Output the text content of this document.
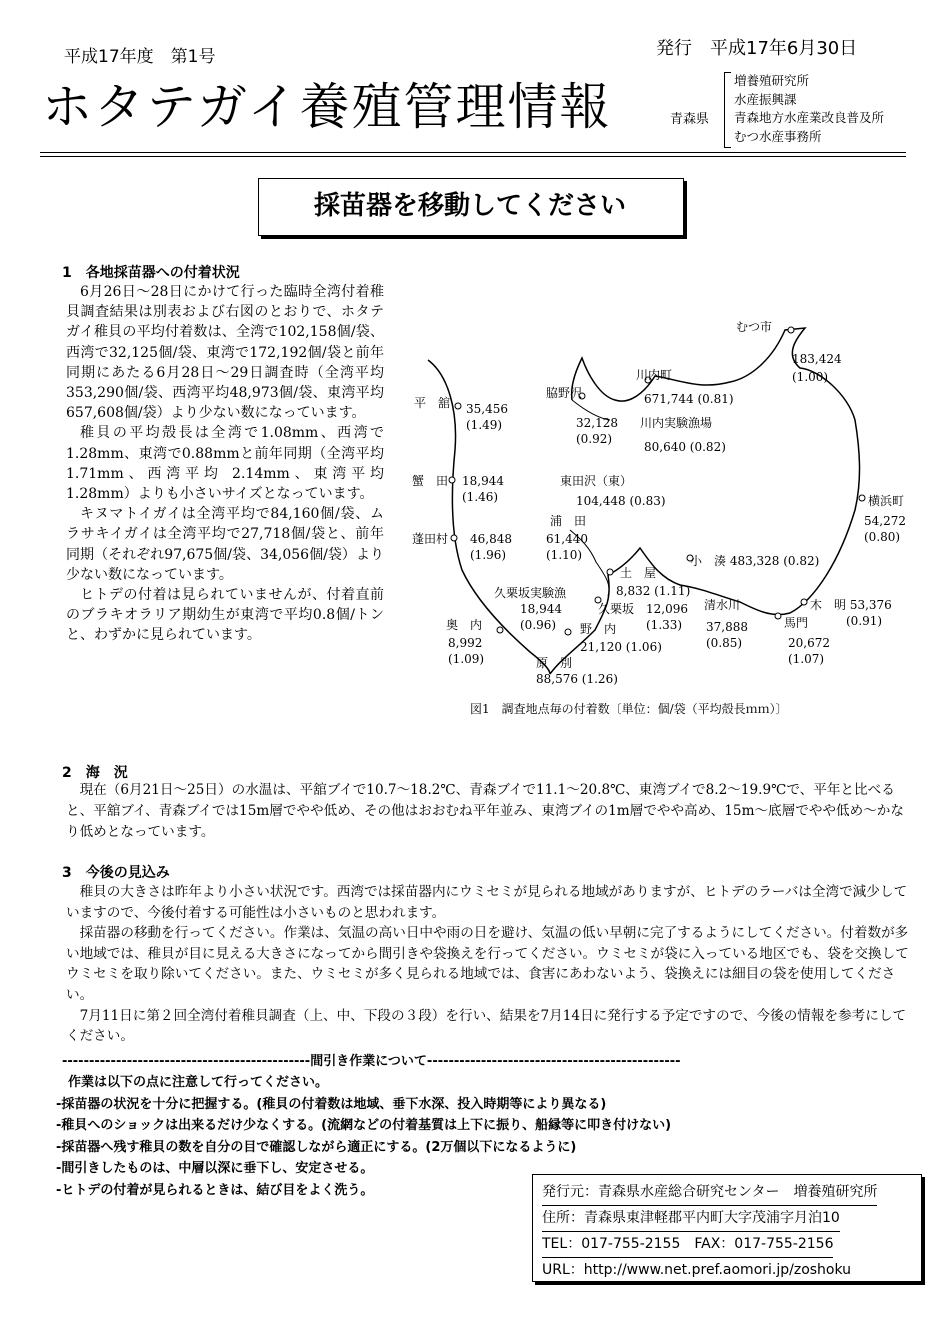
平成17年度　第1号	発行　平成17年6月30日
ホタテガイ養殖管理情報	青森県
増養殖研究所
水産振興課
青森地方水産業改良普及所
むつ水産事務所
採苗器を移動してください
1　各地採苗器への付着状況

6月26日～28日にかけて行った臨時全湾付着稚貝調査結果は別表および右図のとおりで、ホタテガイ稚貝の平均付着数は、全湾で102,158個/袋、西湾で32,125個/袋、東湾で172,192個/袋と前年同期にあたる6月28日～29日調査時（全湾平均353,290個/袋、西湾平均48,973個/袋、東湾平均657,608個/袋）より少ない数になっています。

稚貝の平均殻長は全湾で1.08mm、西湾で1.28mm、東湾で0.88mmと前年同期（全湾平均 1.71mm、西湾平均 2.14mm、東湾平均 1.28mm）よりも小さいサイズとなっています。

キヌマトイガイは全湾平均で84,160個/袋、ムラサキイガイは全湾平均で27,718個/袋と、前年同期（それぞれ97,675個/袋、34,056個/袋）より少ない数になっています。

ヒトデの付着は見られていませんが、付着直前のブラキオラリア期幼生が東湾で平均0.8個/トンと、わずかに見られています。

むつ市
183,424
(1.00)
川内町
671,744 (0.81)
川内実験漁場
80,640 (0.82)
脇野沢
32,128
(0.92)
平　舘 35,456
(1.49)
蟹　田 18,944
(1.46)
蓬田村 46,848
(1.96)
東田沢（東）
104,448 (0.83)
浦　田
61,440
(1.10)
土　屋
8,832 (1.11)
久栗坂実験漁
18,944
(0.96)
久栗坂 12,096
(1.33)
小　湊 483,328 (0.82)
横浜町
54,272
(0.80)
清水川
37,888
(0.85)
馬門
20,672
(1.07)
木　明 53,376
(0.91)
奥　内
8,992
(1.09)
野　内
21,120 (1.06)
原　別
88,576 (1.26)
図1　調査地点毎の付着数〔単位：個/袋（平均殻長ｍｍ）〕
2　海　況

現在（6月21日～25日）の水温は、平舘ブイで10.7～18.2℃、青森ブイで11.1～20.8℃、東湾ブイで8.2～19.9℃で、平年と比べると、平舘ブイ、青森ブイでは15m層でやや低め、その他はおおむね平年並み、東湾ブイの1m層でやや高め、15m～底層でやや低め～かなり低めとなっています。

3　今後の見込み

稚貝の大きさは昨年より小さい状況です。西湾では採苗器内にウミセミが見られる地域がありますが、ヒトデのラーバは全湾で減少していますので、今後付着する可能性は小さいものと思われます。

採苗器の移動を行ってください。作業は、気温の高い日中や雨の日を避け、気温の低い早朝に完了するようにしてください。付着数が多い地域では、稚貝が目に見える大きさになってから間引きや袋換えを行ってください。ウミセミが袋に入っている地区でも、袋を交換してウミセミを取り除いてください。また、ウミセミが多く見られる地域では、食害にあわないよう、袋換えには細目の袋を使用してください。

7月11日に第２回全湾付着稚貝調査（上、中、下段の３段）を行い、結果を7月14日に発行する予定ですので、今後の情報を参考にしてください。

----------------------------------------------間引き作業について-----------------------------------------------
作業は以下の点に注意して行ってください。
-採苗器の状況を十分に把握する。(稚貝の付着数は地域、垂下水深、投入時期等により異なる)
-稚貝へのショックは出来るだけ少なくする。(流網などの付着基質は上下に振り、船縁等に叩き付けない)
-採苗器へ残す稚貝の数を自分の目で確認しながら適正にする。(2万個以下になるように)
-間引きしたものは、中層以深に垂下し、安定させる。
-ヒトデの付着が見られるときは、結び目をよく洗う。	発行元：青森県水産総合研究センター　増養殖研究所
住所：青森県東津軽郡平内町大字茂浦字月泊10
TEL：017-755-2155　FAX：017-755-2156
URL：http://www.net.pref.aomori.jp/zoshoku
